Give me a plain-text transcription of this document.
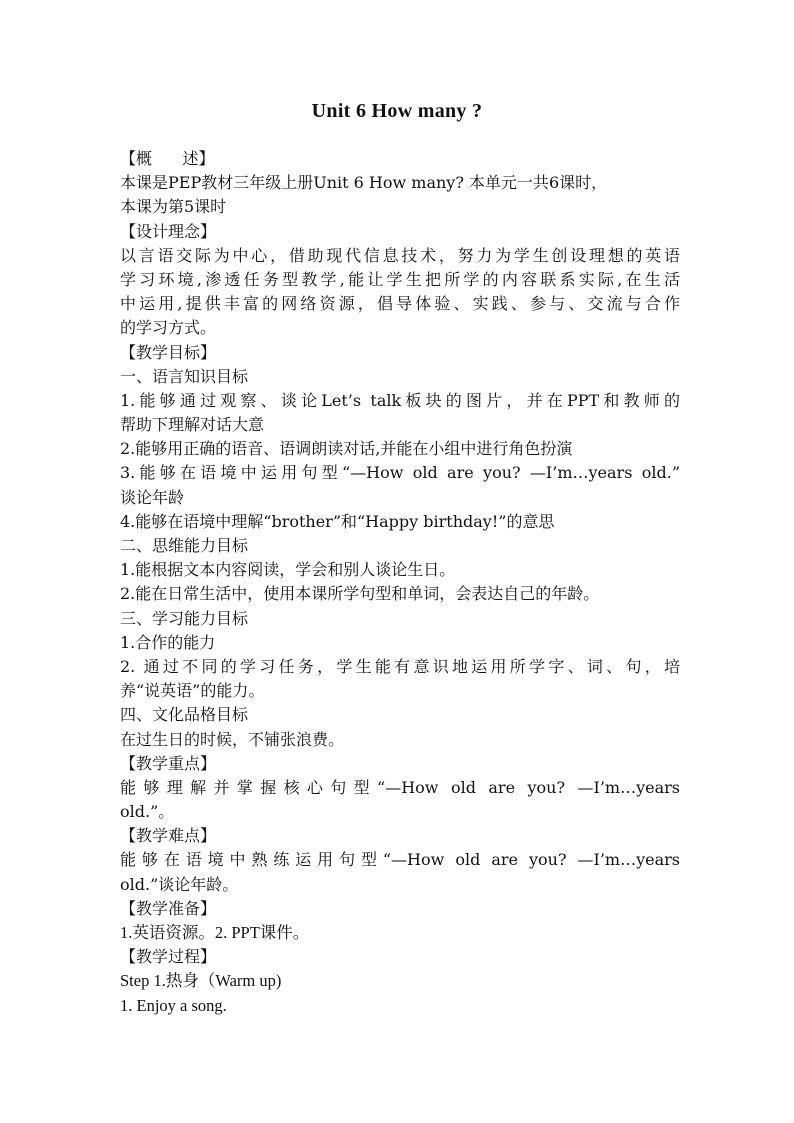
Unit 6 How many ?
【概      述】
本课是PEP教材三年级上册Unit 6 How many? 本单元一共6课时，
本课为第5课时
【设计理念】
以言语交际为中心，借助现代信息技术，努力为学生创设理想的英语
学习环境,渗透任务型教学,能让学生把所学的内容联系实际,在生活
中运用,提供丰富的网络资源，倡导体验、实践、参与、交流与合作
的学习方式。
【教学目标】
一、语言知识目标
1.能够通过观察、谈论Let’s talk板块的图片，并在PPT和教师的
帮助下理解对话大意
2.能够用正确的语音、语调朗读对话,并能在小组中进行角色扮演
3.能够在语境中运用句型“—How old are you? —I’m…years old.”
谈论年龄
4.能够在语境中理解“brother”和“Happy birthday!”的意思
二、思维能力目标
1.能根据文本内容阅读，学会和别人谈论生日。
2.能在日常生活中，使用本课所学句型和单词，会表达自己的年龄。
三、学习能力目标
1.合作的能力
2. 通过不同的学习任务，学生能有意识地运用所学字、词、句，培
养“说英语”的能力。
四、文化品格目标
在过生日的时候，不铺张浪费。
【教学重点】
能够理解并掌握核心句型“—How old are you? —I’m…years
old.”。
【教学难点】
能够在语境中熟练运用句型“—How old are you? —I’m…years
old.”谈论年龄。
【教学准备】
1.英语资源。2. PPT课件。
【教学过程】
Step 1.热身（Warm up)
1. Enjoy a song.
